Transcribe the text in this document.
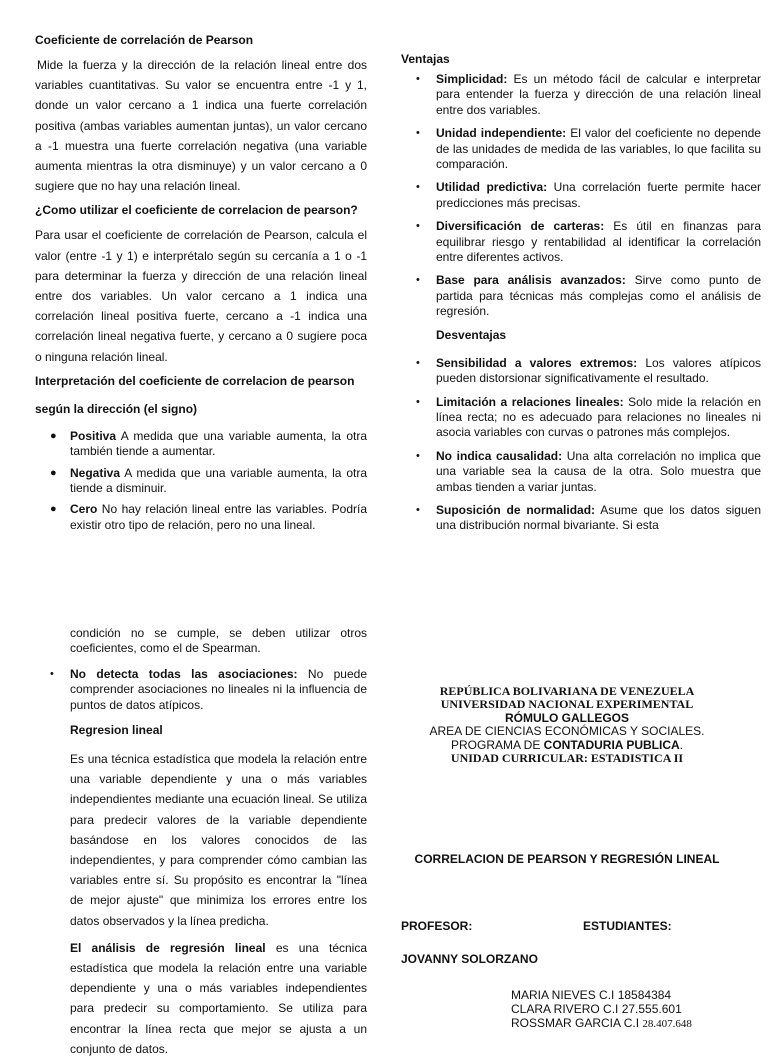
Coeficiente de correlación de Pearson

Mide la fuerza y la dirección de la relación lineal entre dos variables cuantitativas. Su valor se encuentra entre -1 y 1, donde un valor cercano a 1 indica una fuerte correlación positiva (ambas variables aumentan juntas), un valor cercano a -1 muestra una fuerte correlación negativa (una variable aumenta mientras la otra disminuye) y un valor cercano a 0 sugiere que no hay una relación lineal.

¿Como utilizar el coeficiente de correlacion de pearson?

Para usar el coeficiente de correlación de Pearson, calcula el valor (entre -1 y 1) e interprétalo según su cercanía a 1 o -1 para determinar la fuerza y dirección de una relación lineal entre dos variables. Un valor cercano a 1 indica una correlación lineal positiva fuerte, cercano a -1 indica una correlación lineal negativa fuerte, y cercano a 0 sugiere poca o ninguna relación lineal.

Interpretación del coeficiente de correlacion de pearson
según la dirección (el signo)
● Positiva A medida que una variable aumenta, la otra también tiende a aumentar.
● Negativa A medida que una variable aumenta, la otra tiende a disminuir.
● Cero No hay relación lineal entre las variables. Podría existir otro tipo de relación, pero no una lineal.
Ventajas
• Simplicidad: Es un método fácil de calcular e interpretar para entender la fuerza y dirección de una relación lineal entre dos variables.
• Unidad independiente: El valor del coeficiente no depende de las unidades de medida de las variables, lo que facilita su comparación.
• Utilidad predictiva: Una correlación fuerte permite hacer predicciones más precisas.
• Diversificación de carteras: Es útil en finanzas para equilibrar riesgo y rentabilidad al identificar la correlación entre diferentes activos.
• Base para análisis avanzados: Sirve como punto de partida para técnicas más complejas como el análisis de regresión.
Desventajas
• Sensibilidad a valores extremos: Los valores atípicos pueden distorsionar significativamente el resultado.
• Limitación a relaciones lineales: Solo mide la relación en línea recta; no es adecuado para relaciones no lineales ni asocia variables con curvas o patrones más complejos.
• No indica causalidad: Una alta correlación no implica que una variable sea la causa de la otra. Solo muestra que ambas tienden a variar juntas.
• Suposición de normalidad: Asume que los datos siguen una distribución normal bivariante. Si esta

condición no se cumple, se deben utilizar otros coeficientes, como el de Spearman.

• No detecta todas las asociaciones: No puede comprender asociaciones no lineales ni la influencia de puntos de datos atípicos.
Regresion lineal

Es una técnica estadística que modela la relación entre una variable dependiente y una o más variables independientes mediante una ecuación lineal. Se utiliza para predecir valores de la variable dependiente basándose en los valores conocidos de las independientes, y para comprender cómo cambian las variables entre sí. Su propósito es encontrar la "línea de mejor ajuste" que minimiza los errores entre los datos observados y la línea predicha.

El análisis de regresión lineal es una técnica estadística que modela la relación entre una variable dependiente y una o más variables independientes para predecir su comportamiento. Se utiliza para encontrar la línea recta que mejor se ajusta a un conjunto de datos.

REPÚBLICA BOLIVARIANA DE VENEZUELA
UNIVERSIDAD NACIONAL EXPERIMENTAL
RÓMULO GALLEGOS
AREA DE CIENCIAS ECONÓMICAS Y SOCIALES.
PROGRAMA DE CONTADURIA PUBLICA.
UNIDAD CURRICULAR: ESTADISTICA II
CORRELACION DE PEARSON Y REGRESIÓN LINEAL
PROFESOR:	ESTUDIANTES:
JOVANNY SOLORZANO
MARIA NIEVES C.I 18584384
CLARA RIVERO C.I 27.555.601
ROSSMAR GARCIA C.I 28.407.648
